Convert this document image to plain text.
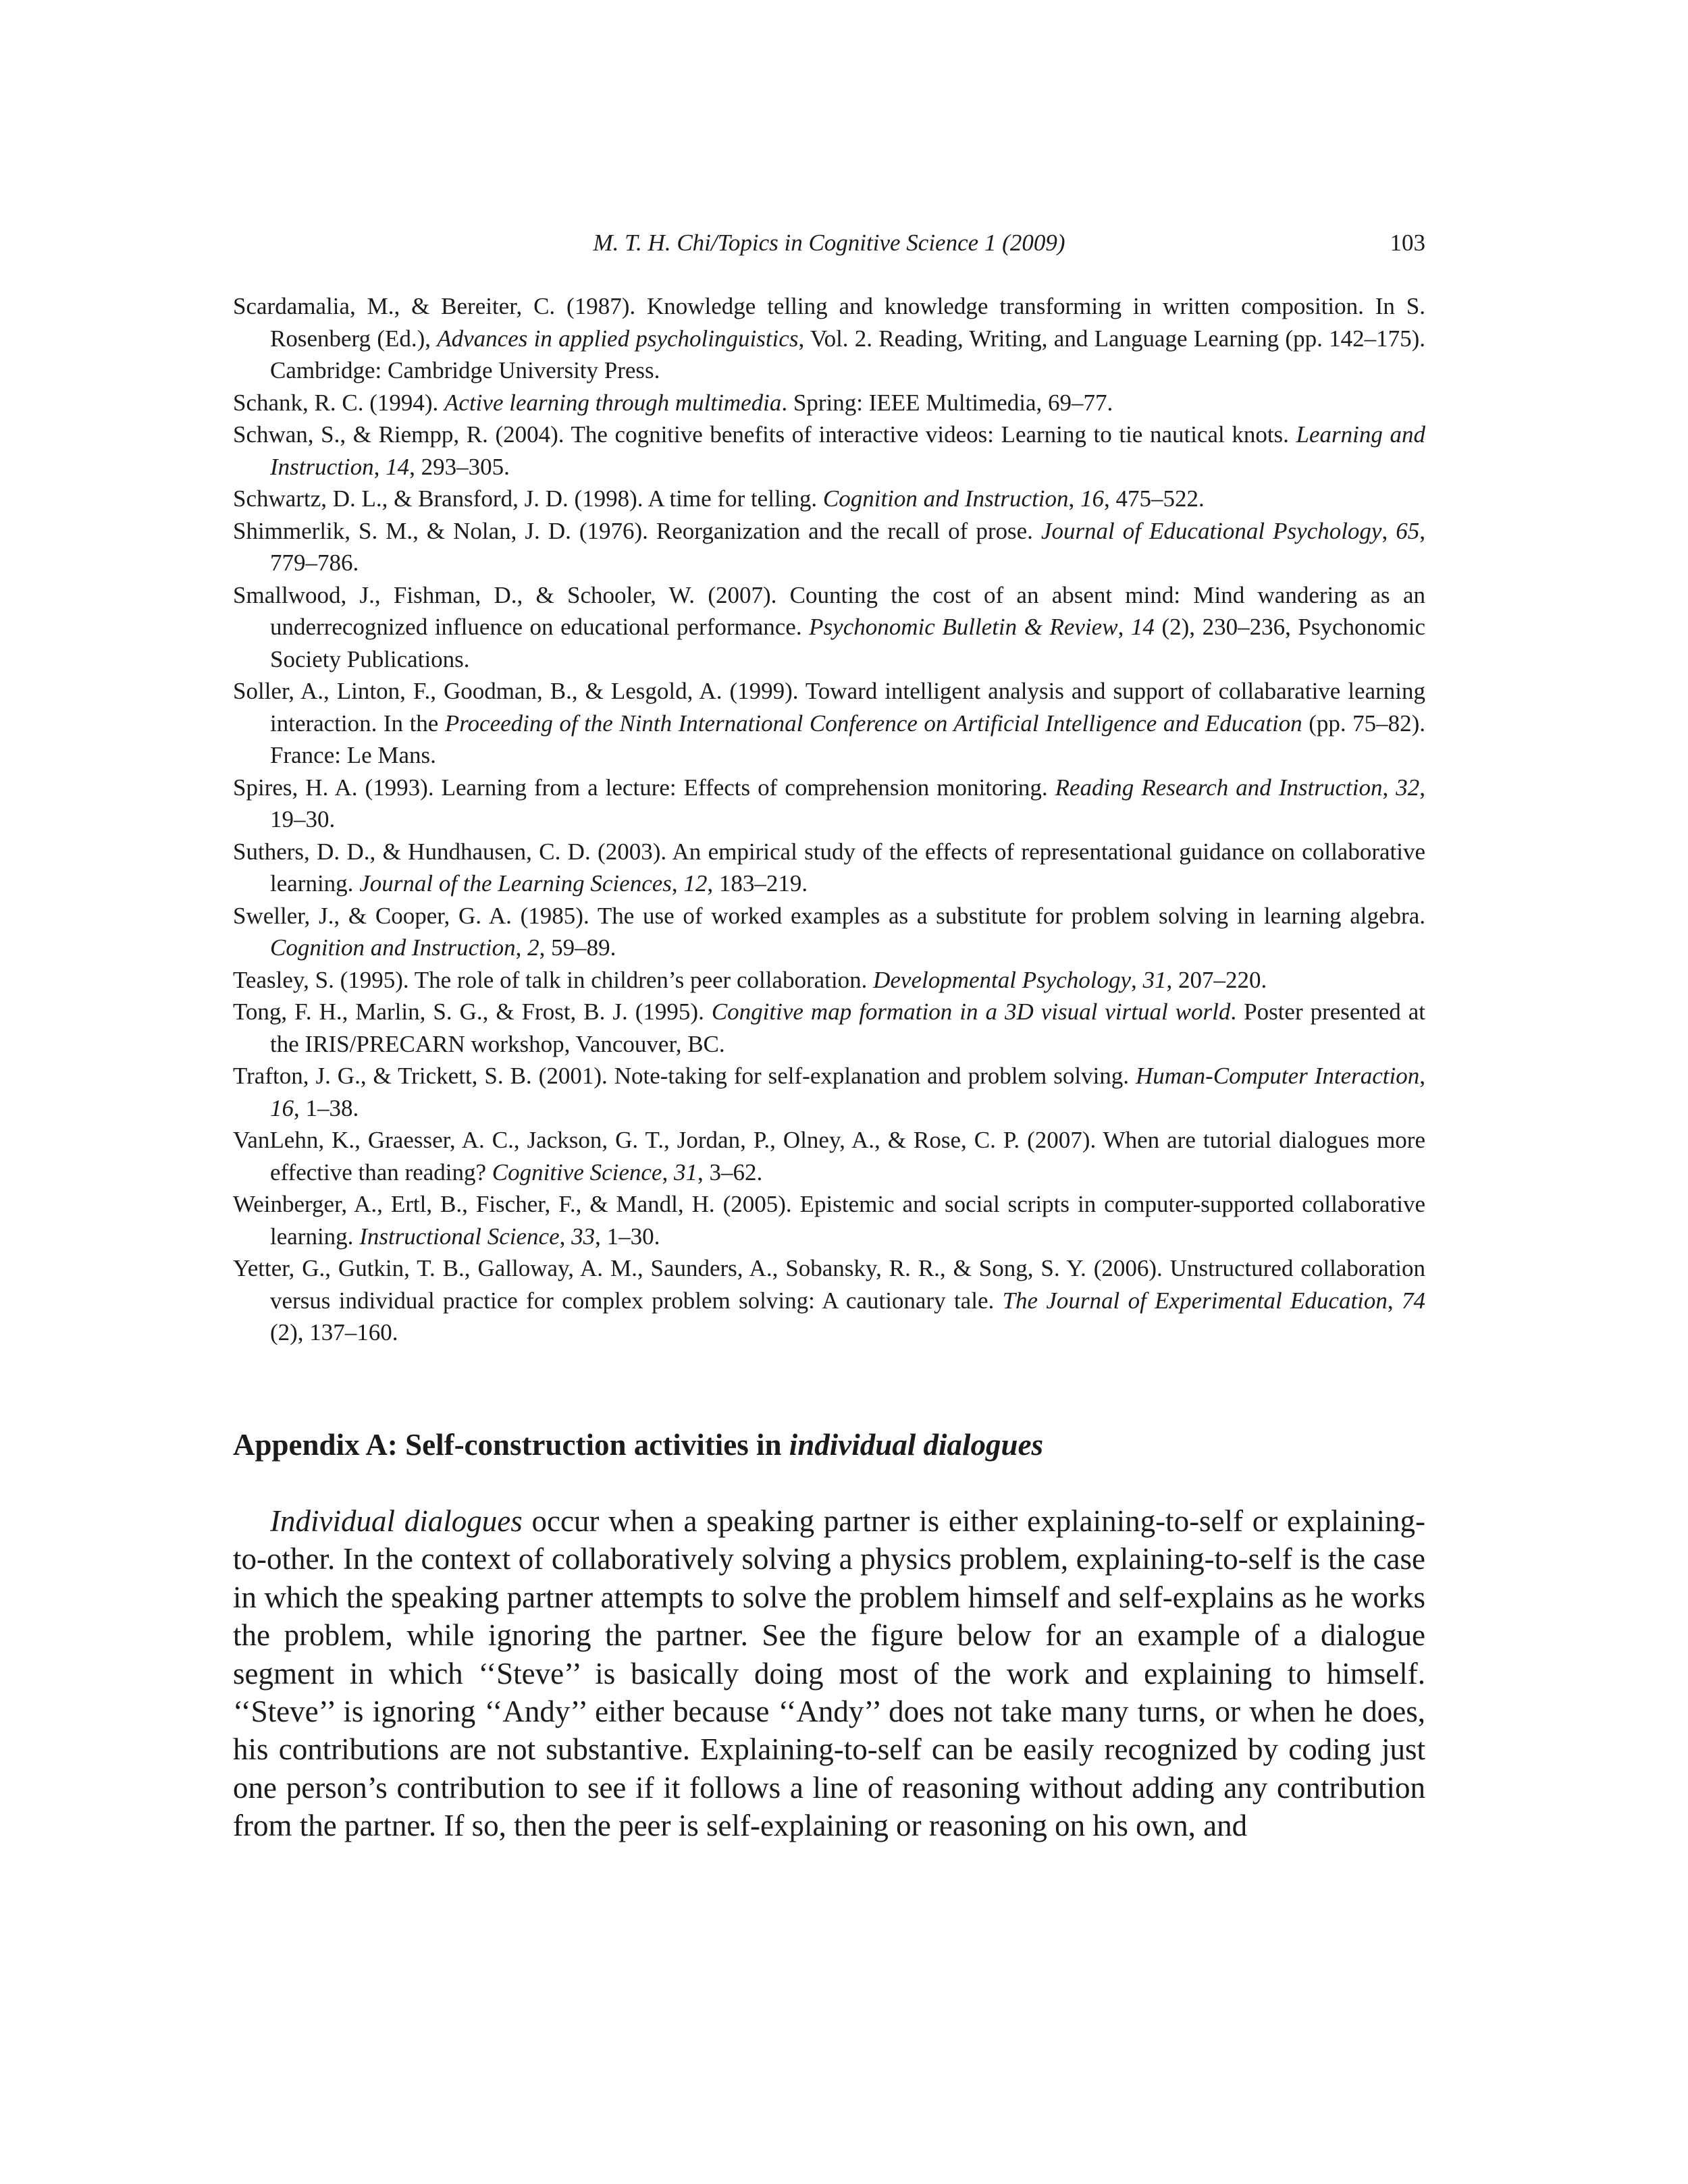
M. T. H. Chi/Topics in Cognitive Science 1 (2009)	103

Scardamalia, M., & Bereiter, C. (1987). Knowledge telling and knowledge transforming in written composition. In S. Rosenberg (Ed.), Advances in applied psycholinguistics, Vol. 2. Reading, Writing, and Language Learning (pp. 142–175). Cambridge: Cambridge University Press.

Schank, R. C. (1994). Active learning through multimedia. Spring: IEEE Multimedia, 69–77.

Schwan, S., & Riempp, R. (2004). The cognitive benefits of interactive videos: Learning to tie nautical knots. Learning and Instruction, 14, 293–305.

Schwartz, D. L., & Bransford, J. D. (1998). A time for telling. Cognition and Instruction, 16, 475–522.

Shimmerlik, S. M., & Nolan, J. D. (1976). Reorganization and the recall of prose. Journal of Educational Psychology, 65, 779–786.

Smallwood, J., Fishman, D., & Schooler, W. (2007). Counting the cost of an absent mind: Mind wandering as an underrecognized influence on educational performance. Psychonomic Bulletin & Review, 14 (2), 230–236, Psychonomic Society Publications.

Soller, A., Linton, F., Goodman, B., & Lesgold, A. (1999). Toward intelligent analysis and support of collabarative learning interaction. In the Proceeding of the Ninth International Conference on Artificial Intelligence and Education (pp. 75–82). France: Le Mans.

Spires, H. A. (1993). Learning from a lecture: Effects of comprehension monitoring. Reading Research and Instruction, 32, 19–30.

Suthers, D. D., & Hundhausen, C. D. (2003). An empirical study of the effects of representational guidance on collaborative learning. Journal of the Learning Sciences, 12, 183–219.

Sweller, J., & Cooper, G. A. (1985). The use of worked examples as a substitute for problem solving in learning algebra. Cognition and Instruction, 2, 59–89.

Teasley, S. (1995). The role of talk in children’s peer collaboration. Developmental Psychology, 31, 207–220.

Tong, F. H., Marlin, S. G., & Frost, B. J. (1995). Congitive map formation in a 3D visual virtual world. Poster presented at the IRIS/PRECARN workshop, Vancouver, BC.

Trafton, J. G., & Trickett, S. B. (2001). Note-taking for self-explanation and problem solving. Human-Computer Interaction, 16, 1–38.

VanLehn, K., Graesser, A. C., Jackson, G. T., Jordan, P., Olney, A., & Rose, C. P. (2007). When are tutorial dialogues more effective than reading? Cognitive Science, 31, 3–62.

Weinberger, A., Ertl, B., Fischer, F., & Mandl, H. (2005). Epistemic and social scripts in computer-supported collaborative learning. Instructional Science, 33, 1–30.

Yetter, G., Gutkin, T. B., Galloway, A. M., Saunders, A., Sobansky, R. R., & Song, S. Y. (2006). Unstructured collaboration versus individual practice for complex problem solving: A cautionary tale. The Journal of Experimental Education, 74 (2), 137–160.

Appendix A: Self-construction activities in individual dialogues

Individual dialogues occur when a speaking partner is either explaining-to-self or explaining-to-other. In the context of collaboratively solving a physics problem, explaining-to-self is the case in which the speaking partner attempts to solve the problem himself and self-explains as he works the problem, while ignoring the partner. See the figure below for an example of a dialogue segment in which ‘‘Steve’’ is basically doing most of the work and explaining to himself. ‘‘Steve’’ is ignoring ‘‘Andy’’ either because ‘‘Andy’’ does not take many turns, or when he does, his contributions are not substantive. Explaining-to-self can be easily recognized by coding just one person’s contribution to see if it follows a line of reasoning without adding any contribution from the partner. If so, then the peer is self-explaining or reasoning on his own, and
